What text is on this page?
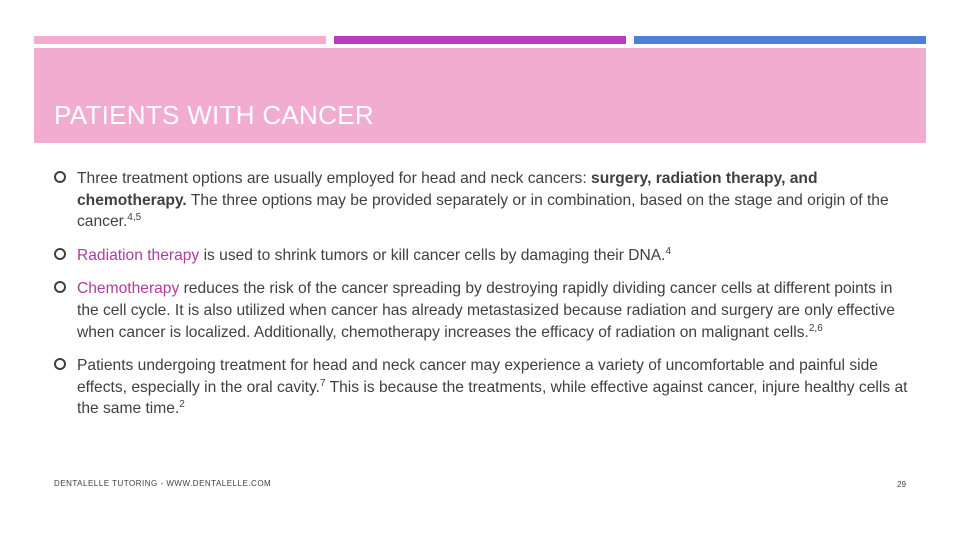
PATIENTS WITH CANCER
Three treatment options are usually employed for head and neck cancers: surgery, radiation therapy, and chemotherapy. The three options may be provided separately or in combination, based on the stage and origin of the cancer.$^{4,5}$
Radiation therapy is used to shrink tumors or kill cancer cells by damaging their DNA.$^4$
Chemotherapy reduces the risk of the cancer spreading by destroying rapidly dividing cancer cells at different points in the cell cycle. It is also utilized when cancer has already metastasized because radiation and surgery are only effective when cancer is localized. Additionally, chemotherapy increases the efficacy of radiation on malignant cells.$^{2,6}$
Patients undergoing treatment for head and neck cancer may experience a variety of uncomfortable and painful side effects, especially in the oral cavity.$^7$ This is because the treatments, while effective against cancer, injure healthy cells at the same time.$^2$
DENTALELLE TUTORING - WWW.DENTALELLE.COM	29
